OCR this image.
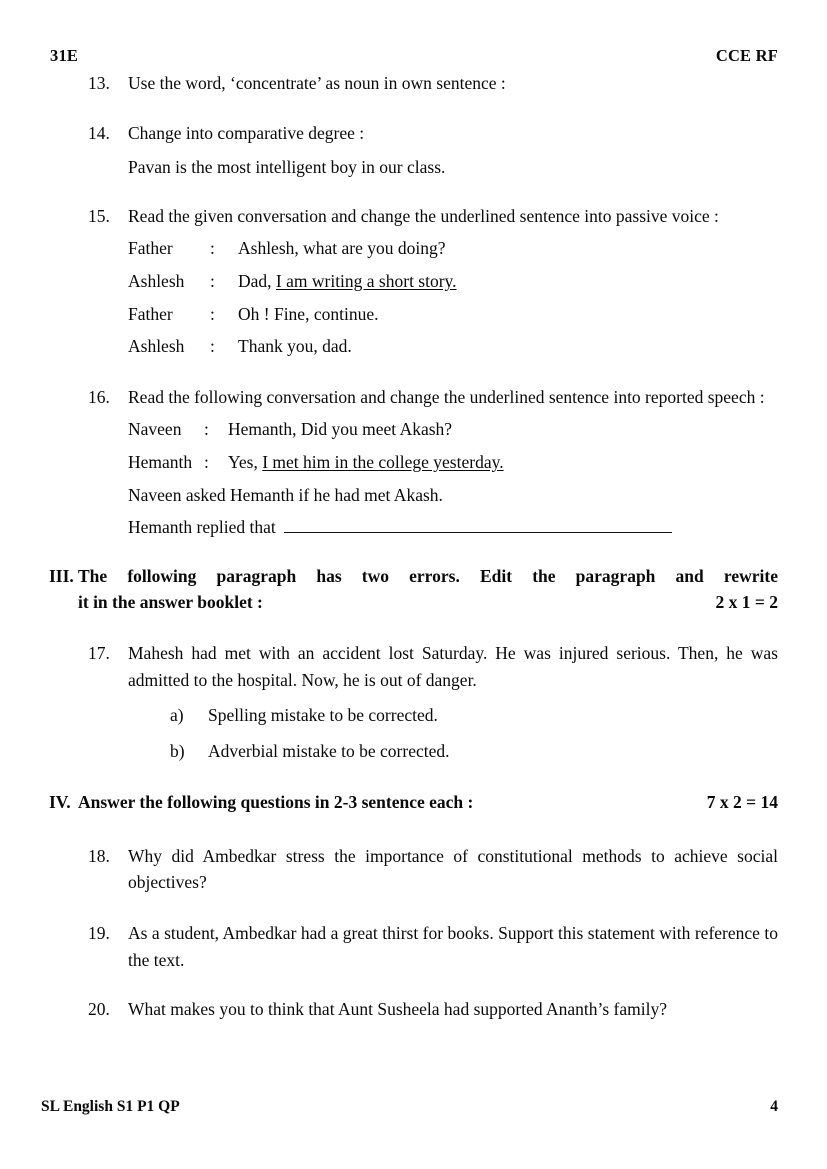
31E	CCE RF
13.	Use the word, ‘concentrate’ as noun in own sentence :

14.	Change into comparative degree :

Pavan is the most intelligent boy in our class.

15.	Read the given conversation and change the underlined sentence into passive voice :

Father	:	Ashlesh, what are you doing?
Ashlesh	:	Dad, I am writing a short story.
Father	:	Oh ! Fine, continue.
Ashlesh	:	Thank you, dad.
16.	Read the following conversation and change the underlined sentence into reported speech :

Naveen	:	Hemanth, Did you meet Akash?
Hemanth :	Yes, I met him in the college yesterday.

Naveen asked Hemanth if he had met Akash.

Hemanth replied that
III. The following paragraph has two errors. Edit the paragraph and rewrite
it in the answer booklet :	2 x 1 = 2
17.	Mahesh had met with an accident lost Saturday. He was injured serious. Then, he was admitted to the hospital. Now, he is out of danger.

a)	Spelling mistake to be corrected.
b)	Adverbial mistake to be corrected.
IV. Answer the following questions in 2-3 sentence each :	7 x 2 = 14
18.	Why did Ambedkar stress the importance of constitutional methods to achieve social objectives?

19.	As a student, Ambedkar had a great thirst for books. Support this statement with reference to the text.

20.	What makes you to think that Aunt Susheela had supported Ananth’s family?

SL English S1 P1 QP	4
